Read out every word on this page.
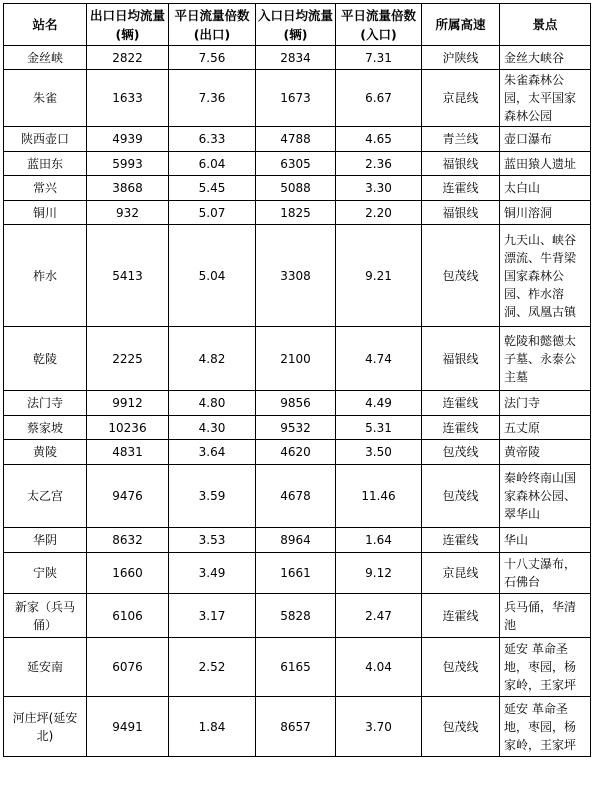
站名	出口日均流量(辆)	平日流量倍数(出口)	入口日均流量(辆)	平日流量倍数(入口)	所属高速	景点
金丝峡	2822	7.56	2834	7.31	沪陕线	金丝大峡谷
朱雀	1633	7.36	1673	6.67	京昆线	朱雀森林公园，太平国家森林公园
陕西壶口	4939	6.33	4788	4.65	青兰线	壶口瀑布
蓝田东	5993	6.04	6305	2.36	福银线	蓝田猿人遗址
常兴	3868	5.45	5088	3.30	连霍线	太白山
铜川	932	5.07	1825	2.20	福银线	铜川溶洞
柞水	5413	5.04	3308	9.21	包茂线	九天山、峡谷漂流、牛背梁国家森林公园、柞水溶洞、凤凰古镇
乾陵	2225	4.82	2100	4.74	福银线	乾陵和懿德太子墓、永泰公主墓
法门寺	9912	4.80	9856	4.49	连霍线	法门寺
蔡家坡	10236	4.30	9532	5.31	连霍线	五丈原
黄陵	4831	3.64	4620	3.50	包茂线	黄帝陵
太乙宫	9476	3.59	4678	11.46	包茂线	秦岭终南山国家森林公园、翠华山
华阴	8632	3.53	8964	1.64	连霍线	华山
宁陕	1660	3.49	1661	9.12	京昆线	十八丈瀑布，石佛台
新家（兵马俑）	6106	3.17	5828	2.47	连霍线	兵马俑，华清池
延安南	6076	2.52	6165	4.04	包茂线	延安 革命圣地，枣园，杨家岭，王家坪
河庄坪(延安北)	9491	1.84	8657	3.70	包茂线	延安 革命圣地，枣园，杨家岭，王家坪
